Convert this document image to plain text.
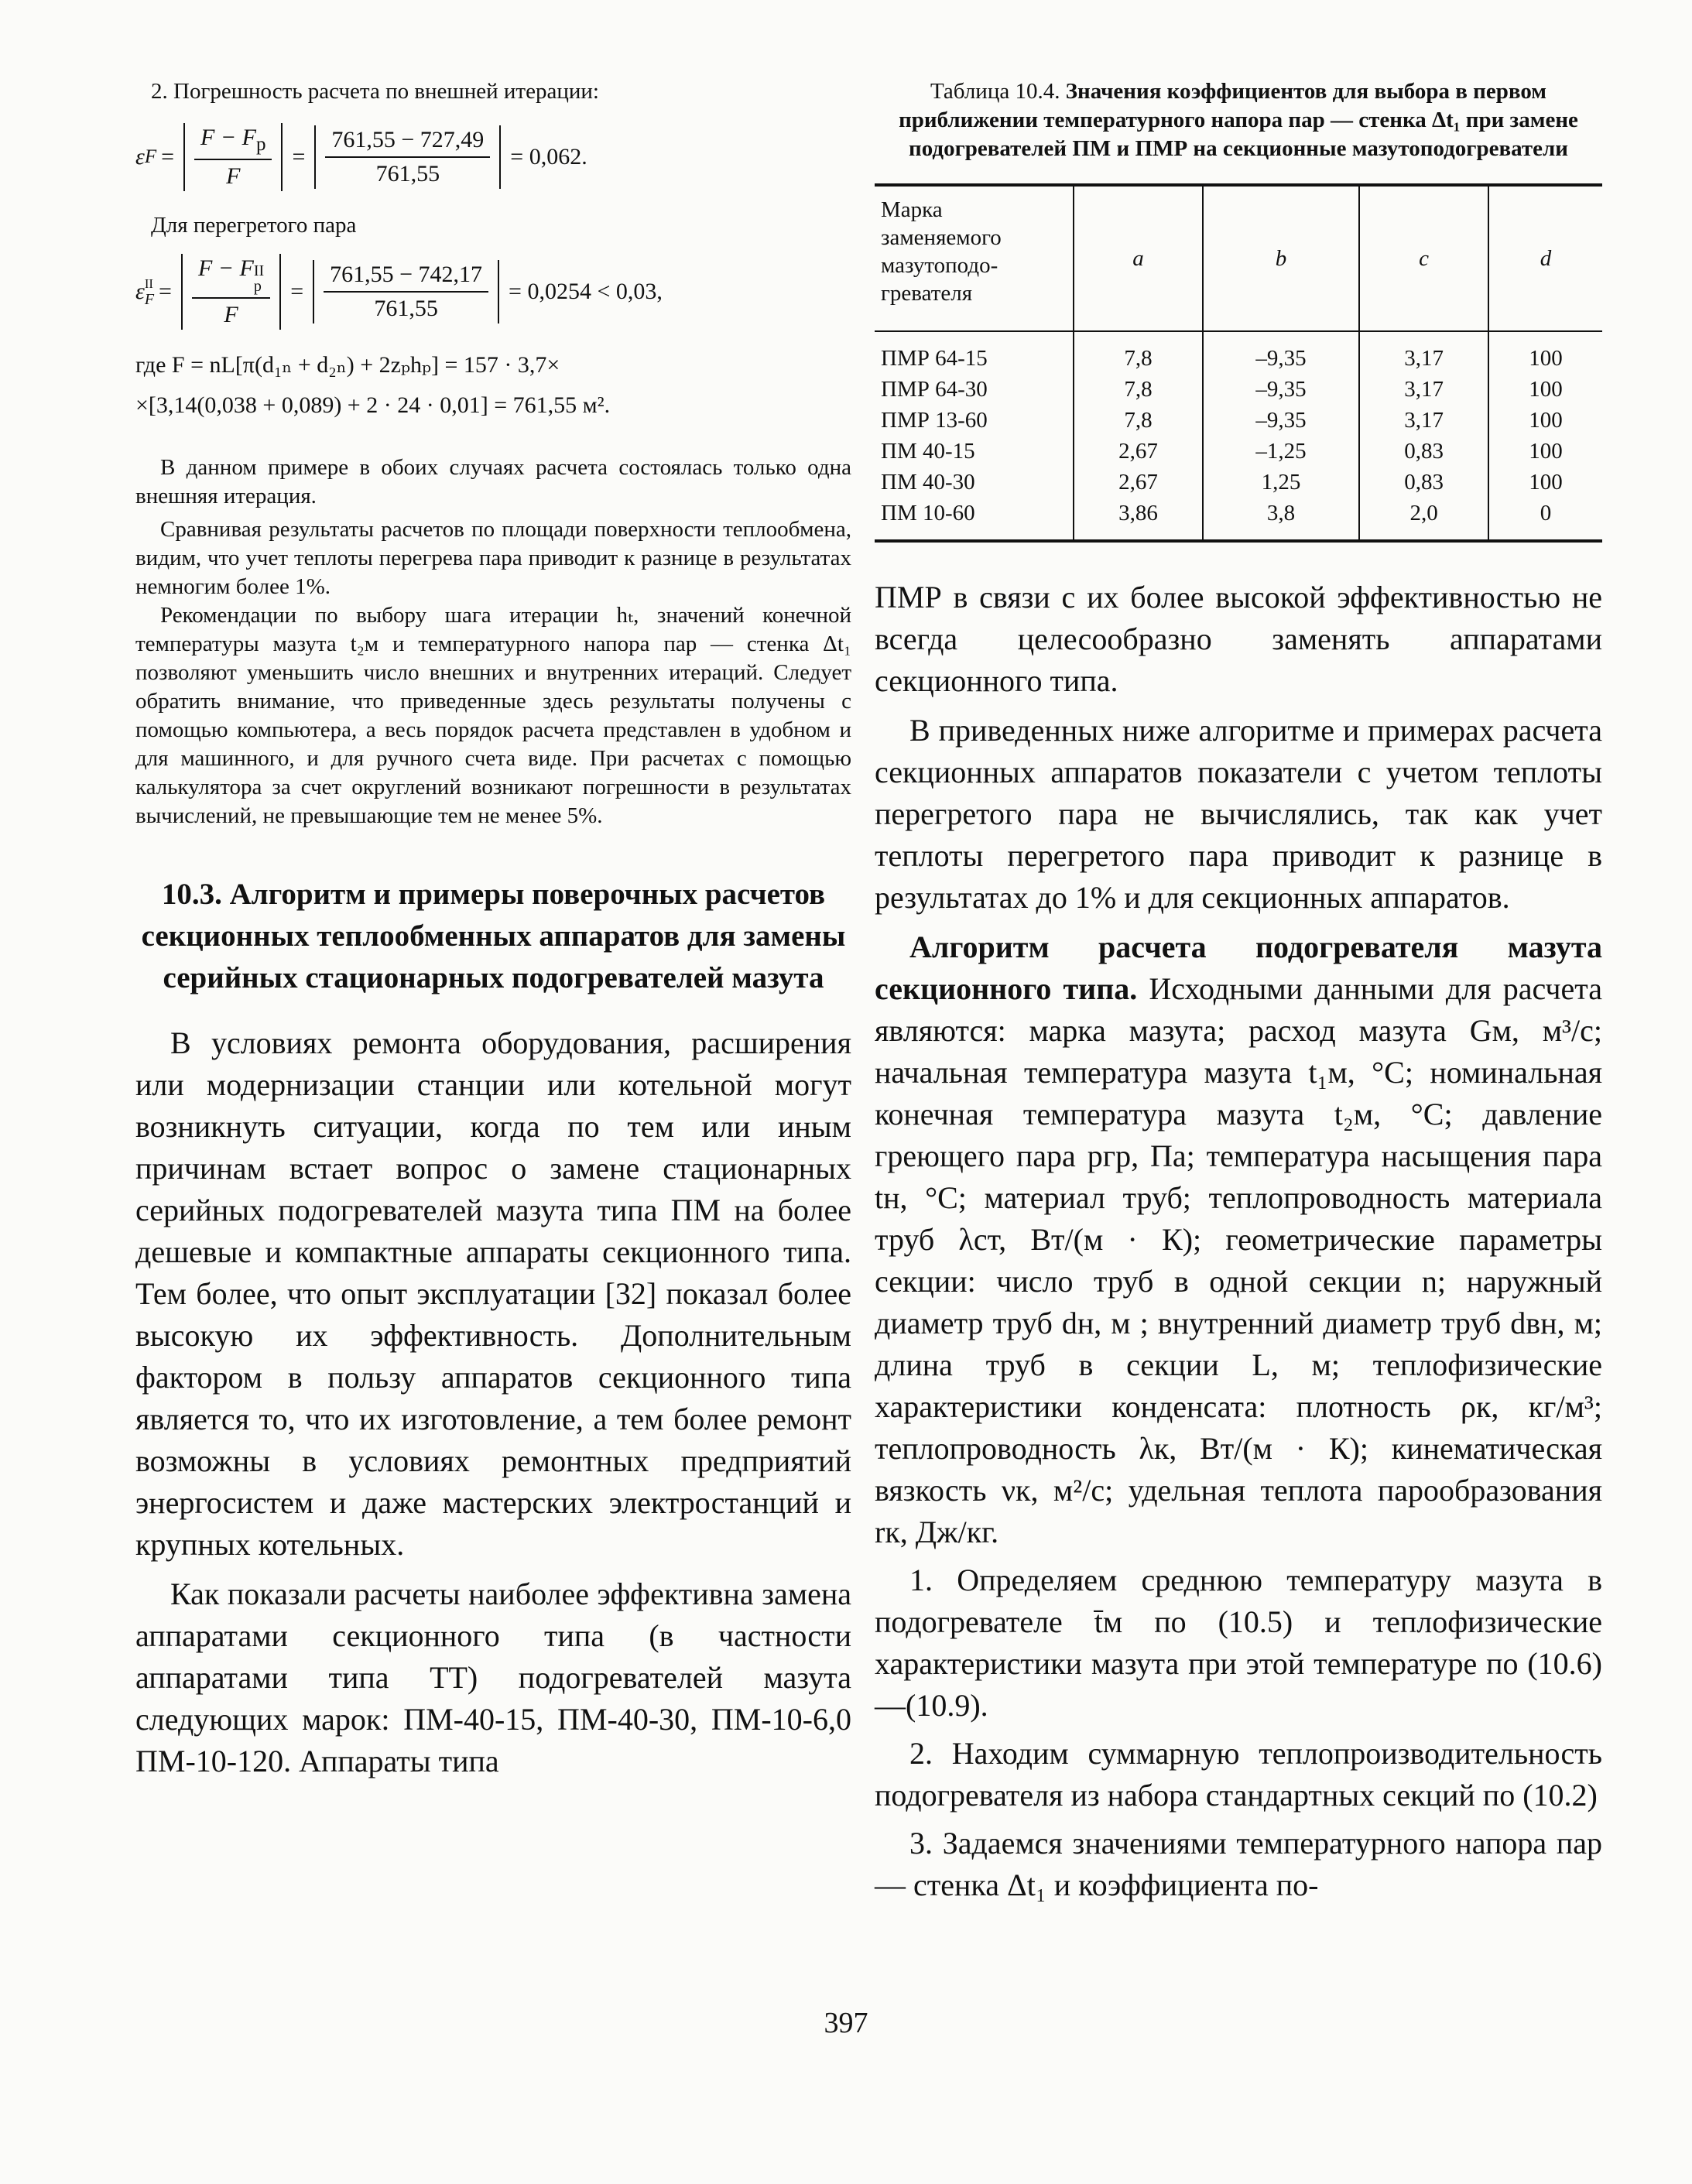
2. Погрешность расчета по внешней итерации:

ε $F = \frac{F - F_р}{F} = \frac{761,55 - 727,49}{761,55} = 0,062$.

Для перегретого пара

ε II
F = F − F II
р
$F = \frac{761,55 - 742,17}{761,55} = 0,0254 < 0,03$,

где F = nL[π(d₁ₙ + d₂ₙ) + 2zₚhₚ] = 157 · 3,7×

×[3,14(0,038 + 0,089) + 2 · 24 · 0,01] = 761,55 м².

В данном примере в обоих случаях расчета состоялась только одна внешняя итерация.

Сравнивая результаты расчетов по площади поверхности теплообмена, видим, что учет теплоты перегрева пара приводит к разнице в результатах немногим более 1%.

Рекомендации по выбору шага итерации hₜ, значений конечной температуры мазута t₂м и температурного напора пар — стенка Δt₁ позволяют уменьшить число внешних и внутренних итераций. Следует обратить внимание, что приведенные здесь результаты получены с помощью компьютера, а весь порядок расчета представлен в удобном и для машинного, и для ручного счета виде. При расчетах с помощью калькулятора за счет округлений возникают погрешности в результатах вычислений, не превышающие тем не менее 5%.

10.3. Алгоритм и примеры поверочных расчетов секционных теплообменных аппаратов для замены серийных стационарных подогревателей мазута

В условиях ремонта оборудования, расширения или модернизации станции или котельной могут возникнуть ситуации, когда по тем или иным причинам встает вопрос о замене стационарных серийных подогревателей мазута типа ПМ на более дешевые и компактные аппараты секционного типа. Тем более, что опыт эксплуатации [32] показал более высокую их эффективность. Дополнительным фактором в пользу аппаратов секционного типа является то, что их изготовление, а тем более ремонт возможны в условиях ремонтных предприятий энергосистем и даже мастерских электростанций и крупных котельных.

Как показали расчеты наиболее эффективна замена аппаратами секционного типа (в частности аппаратами типа ТТ) подогревателей мазута следующих марок: ПМ-40-15, ПМ-40-30, ПМ-10-6,0 ПМ-10-120. Аппараты типа

Таблица 10.4. Значения коэффициентов для выбора в первом приближении температурного напора пар — стенка Δt₁ при замене подогревателей ПМ и ПМР на секционные мазутоподогреватели
Марка заменяемого мазутоподогревателя	a	b	c	d
ПМР 64-15	7,8	–9,35	3,17	100
ПМР 64-30	7,8	–9,35	3,17	100
ПМР 13-60	7,8	–9,35	3,17	100
ПМ 40-15	2,67	–1,25	0,83	100
ПМ 40-30	2,67	1,25	0,83	100
ПМ 10-60	3,86	3,8	2,0	0

ПМР в связи с их более высокой эффективностью не всегда целесообразно заменять аппаратами секционного типа.

В приведенных ниже алгоритме и примерах расчета секционных аппаратов показатели с учетом теплоты перегретого пара не вычислялись, так как учет теплоты перегретого пара приводит к разнице в результатах до 1% и для секционных аппаратов.

Алгоритм расчета подогревателя мазута секционного типа. Исходными данными для расчета являются: марка мазута; расход мазута Gм, м³/с; начальная температура мазута t₁м, °С; номинальная конечная температура мазута t₂м, °С; давление греющего пара pгр, Па; температура насыщения пара tн, °С; материал труб; теплопроводность материала труб λст, Вт/(м · К); геометрические параметры секции: число труб в одной секции n; наружный диаметр труб dн, м ; внутренний диаметр труб dвн, м; длина труб в секции L, м; теплофизические характеристики конденсата: плотность ρк, кг/м³; теплопроводность λк, Вт/(м · К); кинематическая вязкость νк, м²/с; удельная теплота парообразования rк, Дж/кг.

1. Определяем среднюю температуру мазута в подогревателе t̄м по (10.5) и теплофизические характеристики мазута при этой температуре по (10.6)—(10.9).

2. Находим суммарную теплопроизводительность подогревателя из набора стандартных секций по (10.2)

3. Задаемся значениями температурного напора пар — стенка Δt₁ и коэффициента по-

397
